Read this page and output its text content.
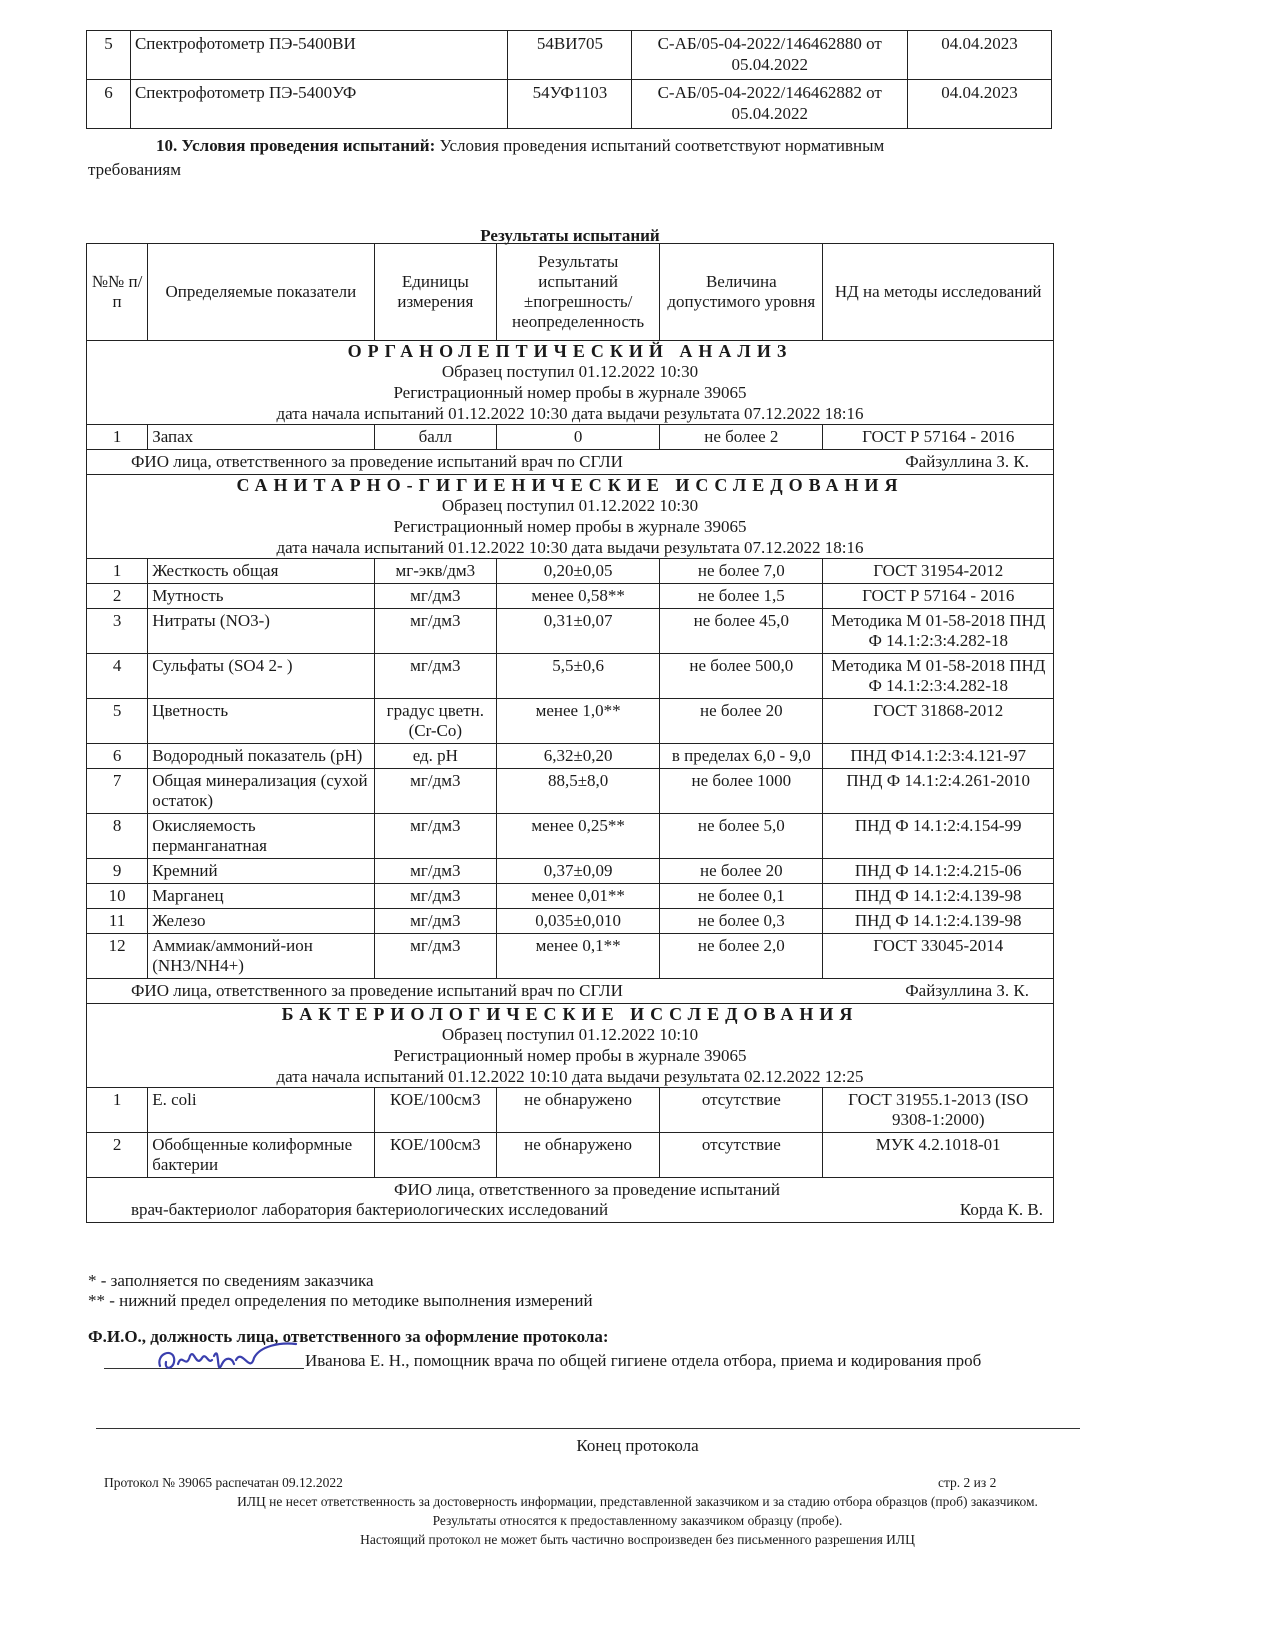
5	Спектрофотометр ПЭ-5400ВИ	54ВИ705	С-АБ/05-04-2022/146462880 от 05.04.2022	04.04.2023
6	Спектрофотометр ПЭ-5400УФ	54УФ1103	С-АБ/05-04-2022/146462882 от 05.04.2022	04.04.2023
10. Условия проведения испытаний: Условия проведения испытаний соответствуют нормативным
требованиям
Результаты испытаний
№№ п/п	Определяемые показатели	Единицы измерения	Результаты испытаний ±погрешность/ неопределенность	Величина допустимого уровня	НД на методы исследований

ОРГАНОЛЕПТИЧЕСКИЙ АНАЛИЗ
Образец поступил 01.12.2022 10:30
Регистрационный номер пробы в журнале 39065
дата начала испытаний 01.12.2022 10:30 дата выдачи результата 07.12.2022 18:16					

1	Запах	балл	0	не более 2	ГОСТ Р 57164 - 2016

ФИО лица, ответственного за проведение испытаний врач по СГЛИ Файзуллина З. К.					

САНИТАРНО-ГИГИЕНИЧЕСКИЕ ИССЛЕДОВАНИЯ
Образец поступил 01.12.2022 10:30
Регистрационный номер пробы в журнале 39065
дата начала испытаний 01.12.2022 10:30 дата выдачи результата 07.12.2022 18:16					

1	Жесткость общая	мг-экв/дм3	0,20±0,05	не более 7,0	ГОСТ 31954-2012
2	Мутность	мг/дм3	менее 0,58**	не более 1,5	ГОСТ Р 57164 - 2016
3	Нитраты (NO3-)	мг/дм3	0,31±0,07	не более 45,0	Методика М 01-58-2018 ПНД Ф 14.1:2:3:4.282-18
4	Сульфаты (SO4 2- )	мг/дм3	5,5±0,6	не более 500,0	Методика М 01-58-2018 ПНД Ф 14.1:2:3:4.282-18
5	Цветность	градус цветн.(Cr-Co)	менее 1,0**	не более 20	ГОСТ 31868-2012
6	Водородный показатель (pH)	ед. рН	6,32±0,20	в пределах 6,0 - 9,0	ПНД Ф14.1:2:3:4.121-97
7	Общая минерализация (сухой остаток)	мг/дм3	88,5±8,0	не более 1000	ПНД Ф 14.1:2:4.261-2010
8	Окисляемость перманганатная	мг/дм3	менее 0,25**	не более 5,0	ПНД Ф 14.1:2:4.154-99
9	Кремний	мг/дм3	0,37±0,09	не более 20	ПНД Ф 14.1:2:4.215-06
10	Марганец	мг/дм3	менее 0,01**	не более 0,1	ПНД Ф 14.1:2:4.139-98
11	Железо	мг/дм3	0,035±0,010	не более 0,3	ПНД Ф 14.1:2:4.139-98
12	Аммиак/аммоний-ион (NH3/NH4+)	мг/дм3	менее 0,1**	не более 2,0	ГОСТ 33045-2014

ФИО лица, ответственного за проведение испытаний врач по СГЛИ Файзуллина З. К.					

БАКТЕРИОЛОГИЧЕСКИЕ ИССЛЕДОВАНИЯ
Образец поступил 01.12.2022 10:10
Регистрационный номер пробы в журнале 39065
дата начала испытаний 01.12.2022 10:10 дата выдачи результата 02.12.2022 12:25					

1	E. coli	КОЕ/100см3	не обнаружено	отсутствие	ГОСТ 31955.1-2013 (ISO 9308-1:2000)
2	Обобщенные колиформные бактерии	КОЕ/100см3	не обнаружено	отсутствие	МУК 4.2.1018-01

ФИО лица, ответственного за проведение испытаний
врач-бактериолог лаборатория бактериологических исследований Корда К. В.					
* - заполняется по сведениям заказчика
** - нижний предел определения по методике выполнения измерений
Ф.И.О., должность лица, ответственного за оформление протокола:
Иванова Е. Н., помощник врача по общей гигиене отдела отбора, приема и кодирования проб
Конец протокола
Протокол № 39065 распечатан 09.12.2022	стр. 2 из 2
ИЛЦ не несет ответственность за достоверность информации, представленной заказчиком и за стадию отбора образцов (проб) заказчиком.
Результаты относятся к предоставленному заказчиком образцу (пробе).
Настоящий протокол не может быть частично воспроизведен без письменного разрешения ИЛЦ
